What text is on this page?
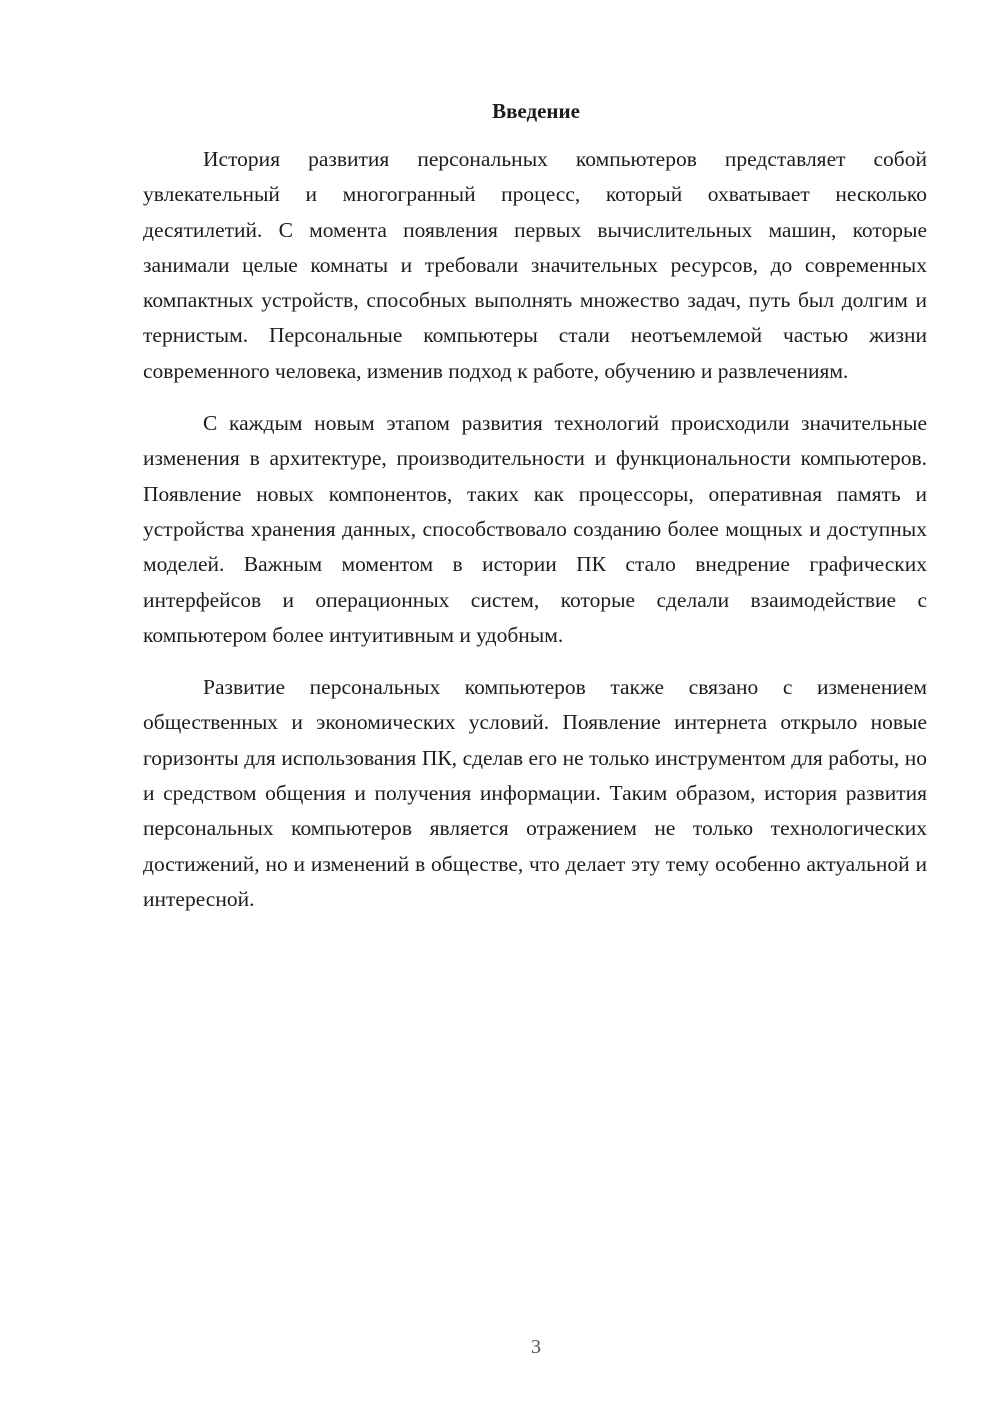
Введение

История развития персональных компьютеров представляет собой увлекательный и многогранный процесс, который охватывает несколько десятилетий. С момента появления первых вычислительных машин, которые занимали целые комнаты и требовали значительных ресурсов, до современных компактных устройств, способных выполнять множество задач, путь был долгим и тернистым. Персональные компьютеры стали неотъемлемой частью жизни современного человека, изменив подход к работе, обучению и развлечениям.

С каждым новым этапом развития технологий происходили значительные изменения в архитектуре, производительности и функциональности компьютеров. Появление новых компонентов, таких как процессоры, оперативная память и устройства хранения данных, способствовало созданию более мощных и доступных моделей. Важным моментом в истории ПК стало внедрение графических интерфейсов и операционных систем, которые сделали взаимодействие с компьютером более интуитивным и удобным.

Развитие персональных компьютеров также связано с изменением общественных и экономических условий. Появление интернета открыло новые горизонты для использования ПК, сделав его не только инструментом для работы, но и средством общения и получения информации. Таким образом, история развития персональных компьютеров является отражением не только технологических достижений, но и изменений в обществе, что делает эту тему особенно актуальной и интересной.

3
